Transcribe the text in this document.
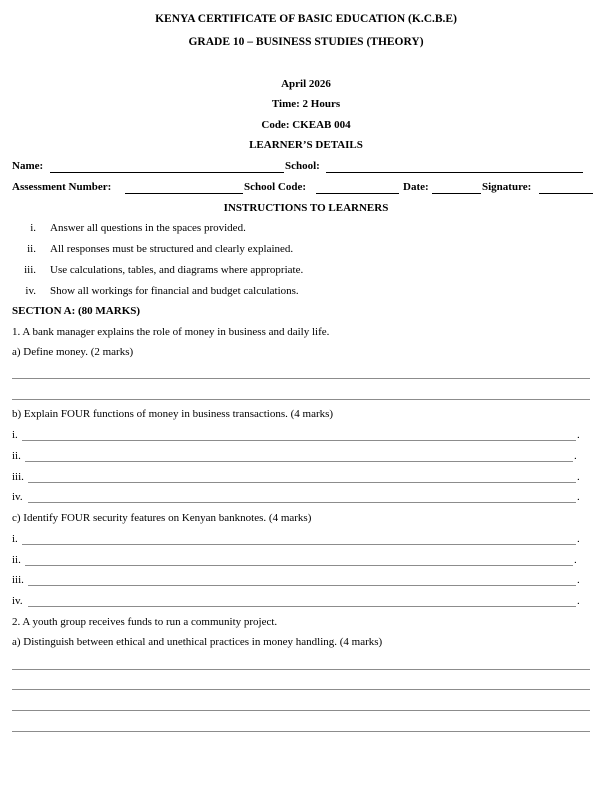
KENYA CERTIFICATE OF BASIC EDUCATION (K.C.B.E)
GRADE 10 – BUSINESS STUDIES (THEORY)
April 2026
Time: 2 Hours
Code: CKEAB 004
LEARNER’S DETAILS
Name:	School:
Assessment Number:	School Code:	Date:	Signature:
INSTRUCTIONS TO LEARNERS
i. Answer all questions in the spaces provided.
ii. All responses must be structured and clearly explained.
iii. Use calculations, tables, and diagrams where appropriate.
iv. Show all workings for financial and budget calculations.
SECTION A: (80 MARKS)
1. A bank manager explains the role of money in business and daily life.
a) Define money. (2 marks)
b) Explain FOUR functions of money in business transactions. (4 marks)
i.	.
ii.	.
iii.	.
iv.	.
c) Identify FOUR security features on Kenyan banknotes. (4 marks)
i.	.
ii.	.
iii.	.
iv.	.
2. A youth group receives funds to run a community project.
a) Distinguish between ethical and unethical practices in money handling. (4 marks)
